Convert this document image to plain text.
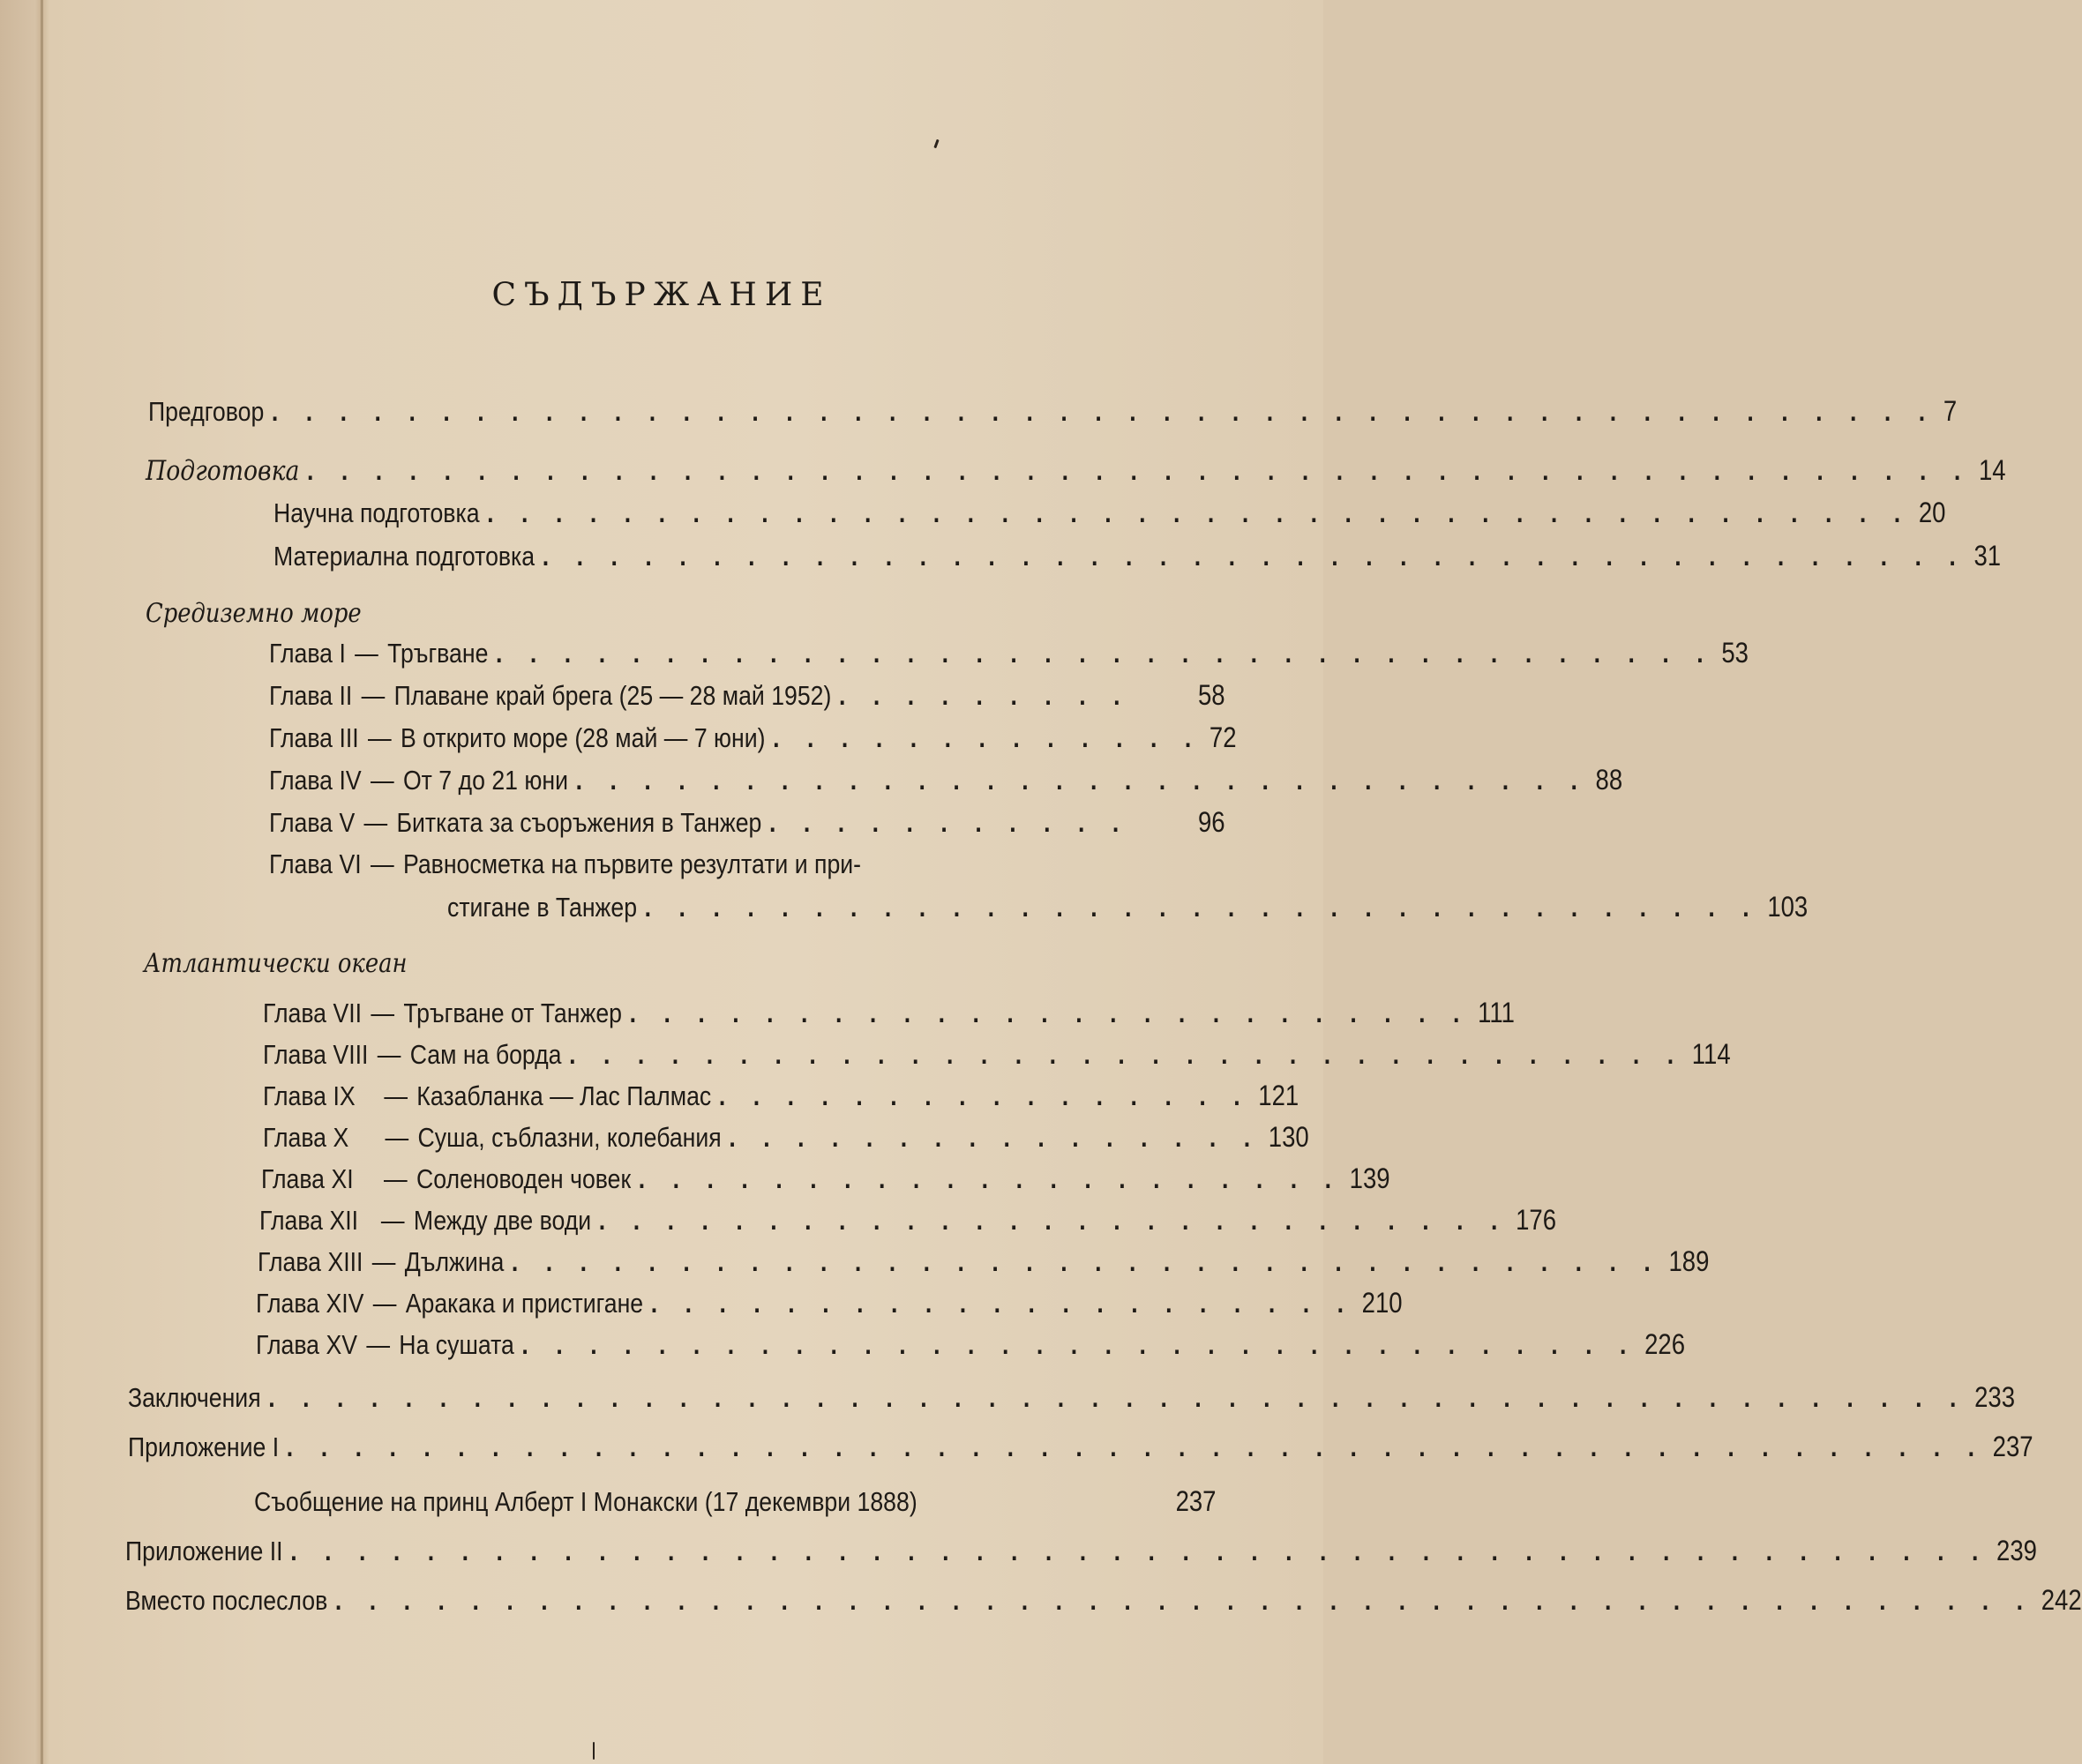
СЪДЪРЖАНИЕ
Предговор . . . . . . . . . . . . . . . . . . . . . . . . . . . . . . . . . . . . . . . . . . . . . . . . . 7
Подготовка . . . . . . . . . . . . . . . . . . . . . . . . . . . . . . . . . . . . . . . . . . . . . . . . . 14
Научна подготовка . . . . . . . . . . . . . . . . . . . . . . . . . . . . . . . . . . . . . . . . . . 20
Материална подготовка . . . . . . . . . . . . . . . . . . . . . . . . . . . . . . . . . . . . . . . . . . 31
Средиземно море
Глава I — Тръгване . . . . . . . . . . . . . . . . . . . . . . . . . . . . . . . . . . . . 53
Глава II — Плаване край брега (25 — 28 май 1952) . . . . . . . . .	58
Глава III — В открито море (28 май — 7 юни) . . . . . . . . . . . . . 72
Глава IV — От 7 до 21 юни . . . . . . . . . . . . . . . . . . . . . . . . . . . . . . 88
Глава V — Битката за съоръжения в Танжер . . . . . . . . . . .	96
Глава VI — Равносметка на първите резултати и при-
стигане в Танжер . . . . . . . . . . . . . . . . . . . . . . . . . . . . . . . . . 103
Атлантически океан
Глава VII — Тръгване от Танжер . . . . . . . . . . . . . . . . . . . . . . . . . 111
Глава VIII — Сам на борда . . . . . . . . . . . . . . . . . . . . . . . . . . . . . . . . . 114
Глава IX — Казабланка — Лас Палмас . . . . . . . . . . . . . . . . 121
Глава X — Суша, съблазни, колебания . . . . . . . . . . . . . . . . 130
Глава XI — Соленоводен човек . . . . . . . . . . . . . . . . . . . . . 139
Глава XII — Между две води . . . . . . . . . . . . . . . . . . . . . . . . . . . 176
Глава XIII — Дължина . . . . . . . . . . . . . . . . . . . . . . . . . . . . . . . . . . 189
Глава XIV — Аракака и пристигане . . . . . . . . . . . . . . . . . . . . . 210
Глава XV — На сушата . . . . . . . . . . . . . . . . . . . . . . . . . . . . . . . . . 226
Заключения . . . . . . . . . . . . . . . . . . . . . . . . . . . . . . . . . . . . . . . . . . . . . . . . . . 233
Приложение I . . . . . . . . . . . . . . . . . . . . . . . . . . . . . . . . . . . . . . . . . . . . . . . . . . 237
Съобщение на принц Алберт I Монакски (17 декември 1888)	237
Приложение II . . . . . . . . . . . . . . . . . . . . . . . . . . . . . . . . . . . . . . . . . . . . . . . . . . 239
Вместо послеслов . . . . . . . . . . . . . . . . . . . . . . . . . . . . . . . . . . . . . . . . . . . . . . . . . . 242
